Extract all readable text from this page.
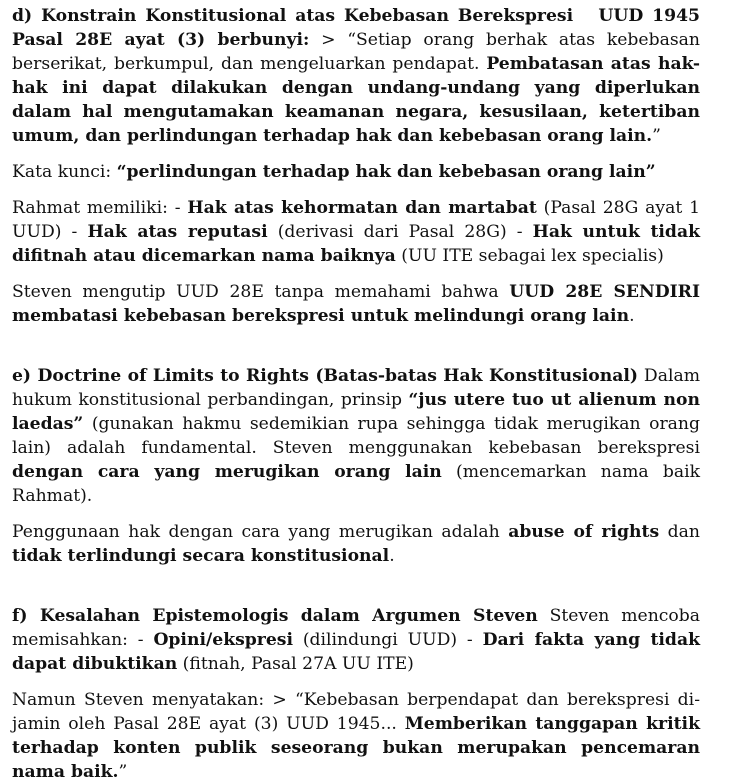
d) Konstrain Konstitusional atas Kebebasan Berekspresi UUD 1945 Pasal 28E ayat (3) berbunyi: > “Setiap orang berhak atas kebebasan berserikat, berkumpul, dan mengeluarkan pendapat. Pembatasan atas hak-hak ini dapat dilakukan dengan undang-undang yang diperlukan dalam hal mengutamakan keamanan negara, kesusilaan, ketertiban umum, dan perlindungan terhadap hak dan kebebasan orang lain.”

Kata kunci: “perlindungan terhadap hak dan kebebasan orang lain”

Rahmat memiliki: - Hak atas kehormatan dan martabat (Pasal 28G ayat 1 UUD) - Hak atas reputasi (derivasi dari Pasal 28G) - Hak untuk tidak difitnah atau dicemarkan nama baiknya (UU ITE sebagai lex specialis)

Steven mengutip UUD 28E tanpa memahami bahwa UUD 28E SENDIRI membatasi kebebasan berekspresi untuk melindungi orang lain.

e) Doctrine of Limits to Rights (Batas-batas Hak Konstitusional) Dalam hukum konstitusional perbandingan, prinsip “jus utere tuo ut alienum non laedas” (gunakan hakmu sedemikian rupa sehingga tidak merugikan orang lain) adalah fundamental. Steven menggunakan kebebasan berekspresi dengan cara yang merugikan orang lain (mencemarkan nama baik Rahmat).

Penggunaan hak dengan cara yang merugikan adalah abuse of rights dan tidak terlindungi secara konstitusional.

f) Kesalahan Epistemologis dalam Argumen Steven Steven mencoba memisahkan: - Opini/ekspresi (dilindungi UUD) - Dari fakta yang tidak dapat dibuktikan (fitnah, Pasal 27A UU ITE)

Namun Steven menyatakan: > “Kebebasan berpendapat dan berekspresi dijamin oleh Pasal 28E ayat (3) UUD 1945... Memberikan tanggapan kritik terhadap konten publik seseorang bukan merupakan pencemaran nama baik.”
